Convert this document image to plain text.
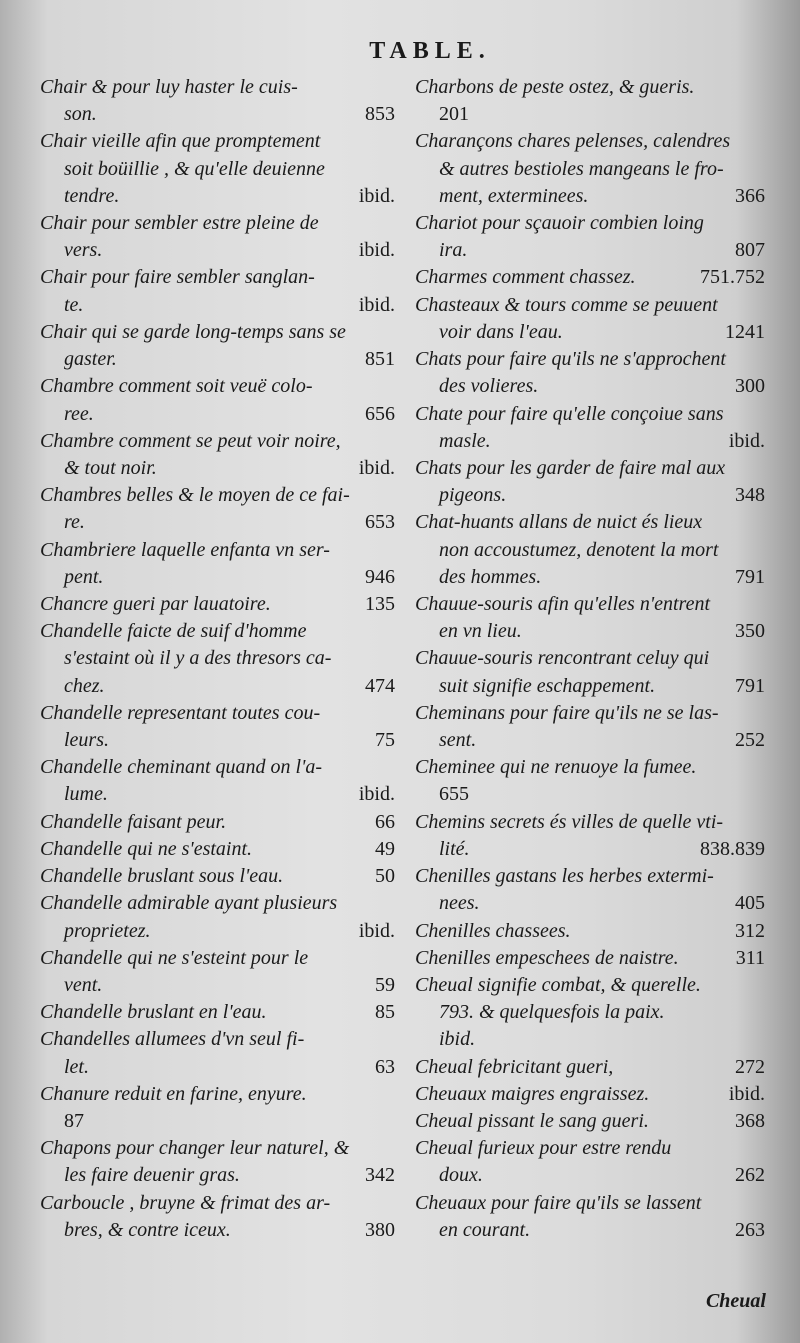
TABLE.
Chair & pour luy haster le cuis-
son.	853
Chair vieille afin que promptement
soit boüillie , & qu'elle deuienne
tendre.	ibid.
Chair pour sembler estre pleine de
vers.	ibid.
Chair pour faire sembler sanglan-
te.	ibid.
Chair qui se garde long-temps sans se
gaster.	851
Chambre comment soit veuë colo-
ree.	656
Chambre comment se peut voir noire,
& tout noir.	ibid.
Chambres belles & le moyen de ce fai-
re.	653
Chambriere laquelle enfanta vn ser-
pent.	946
Chancre gueri par lauatoire.	135
Chandelle faicte de suif d'homme
s'estaint où il y a des thresors ca-
chez.	474
Chandelle representant toutes cou-
leurs.	75
Chandelle cheminant quand on l'a-
lume.	ibid.
Chandelle faisant peur.	66
Chandelle qui ne s'estaint.	49
Chandelle bruslant sous l'eau.	50
Chandelle admirable ayant plusieurs
proprietez.	ibid.
Chandelle qui ne s'esteint pour le
vent.	59
Chandelle bruslant en l'eau.	85
Chandelles allumees d'vn seul fi-
let.	63
Chanure reduit en farine, enyure.
87
Chapons pour changer leur naturel, &
les faire deuenir gras.	342
Carboucle , bruyne & frimat des ar-
bres, & contre iceux.	380
Charbons de peste ostez, & gueris.
201
Charançons chares pelenses, calendres
& autres bestioles mangeans le fro-
ment, exterminees.	366
Chariot pour sçauoir combien loing
ira.	807
Charmes comment chassez.	751.752
Chasteaux & tours comme se peuuent
voir dans l'eau.	1241
Chats pour faire qu'ils ne s'approchent
des volieres.	300
Chate pour faire qu'elle conçoiue sans
masle.	ibid.
Chats pour les garder de faire mal aux
pigeons.	348
Chat-huants allans de nuict és lieux
non accoustumez, denotent la mort
des hommes.	791
Chauue-souris afin qu'elles n'entrent
en vn lieu.	350
Chauue-souris rencontrant celuy qui
suit signifie eschappement.	791
Cheminans pour faire qu'ils ne se las-
sent.	252
Cheminee qui ne renuoye la fumee.
655
Chemins secrets és villes de quelle vti-
lité.	838.839
Chenilles gastans les herbes extermi-
nees.	405
Chenilles chassees.	312
Chenilles empeschees de naistre.	311
Cheual signifie combat, & querelle.
793. & quelquesfois la paix.
ibid.
Cheual febricitant gueri,	272
Cheuaux maigres engraissez.	ibid.
Cheual pissant le sang gueri.	368
Cheual furieux pour estre rendu
doux.	262
Cheuaux pour faire qu'ils se lassent
en courant.	263
Cheual
